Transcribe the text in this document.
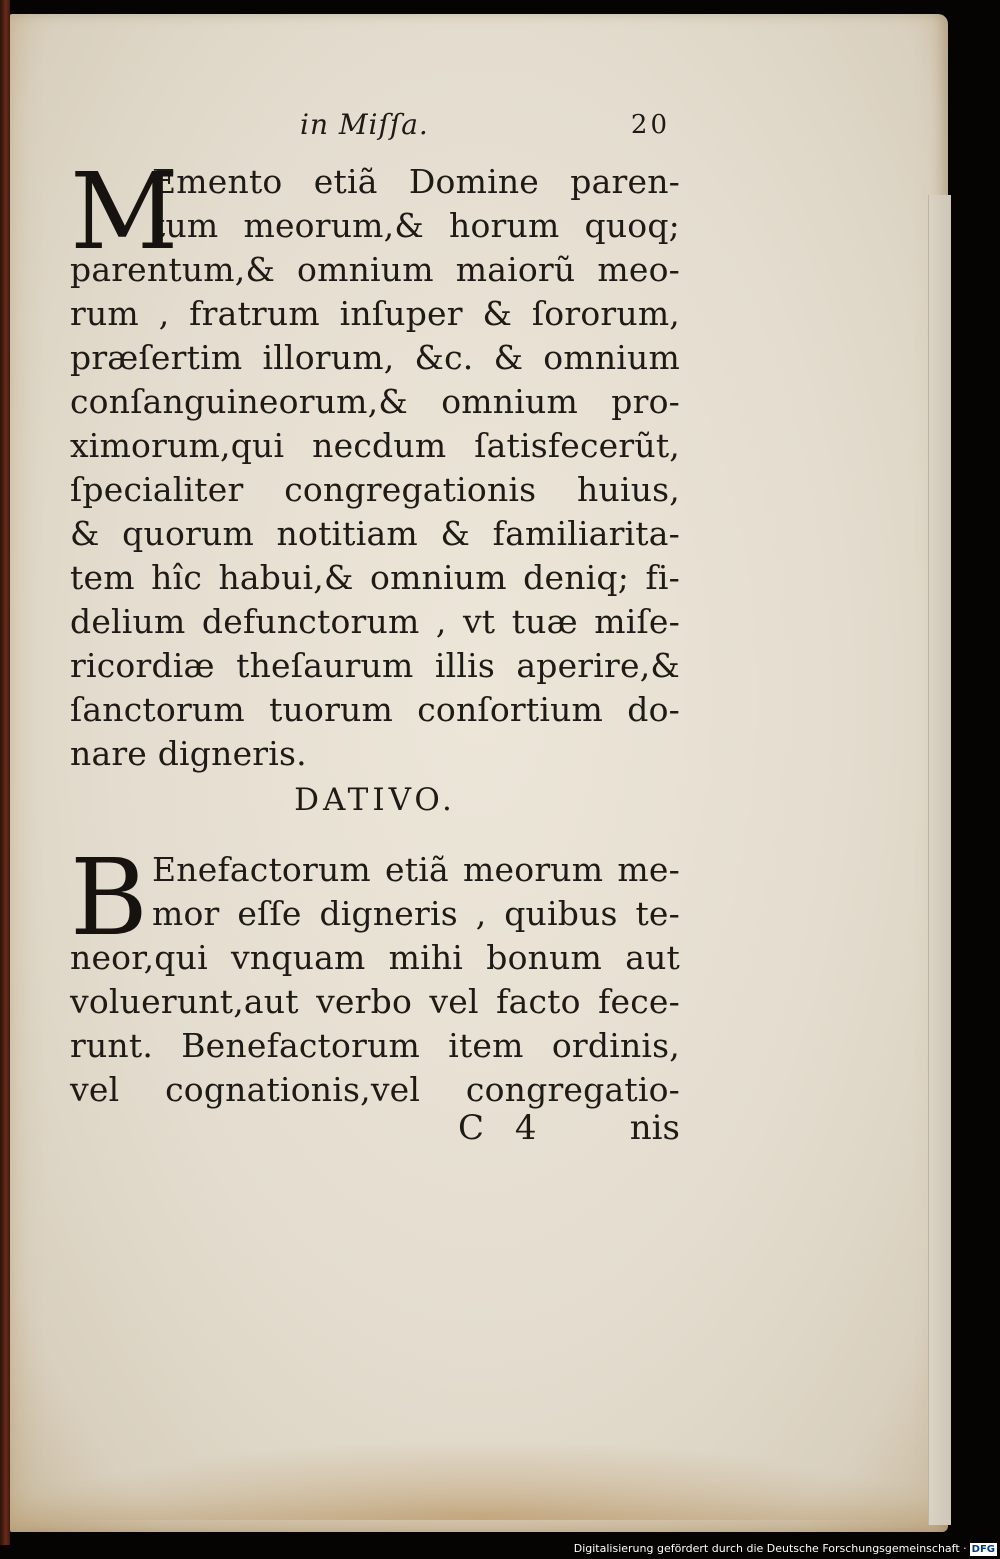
in Miſſa.	20
M
Emento etiã Domine paren-
tum meorum,& horum quoq;
parentum,& omnium maiorũ meo-
rum , fratrum inſuper & ſororum,
præſertim illorum, &c. & omnium
conſanguineorum,& omnium pro-
ximorum,qui necdum ſatisfecerũt,
ſpecialiter congregationis huius,
& quorum notitiam & familiarita-
tem hîc habui,& omnium deniq; fi-
delium defunctorum , vt tuæ miſe-
ricordiæ theſaurum illis aperire,&
ſanctorum tuorum conſortium do-
nare digneris.
DATIVO.
B Enefactorum etiã meorum me-
mor eſſe digneris , quibus te-
neor,qui vnquam mihi bonum aut
voluerunt,aut verbo vel facto fece-
runt. Benefactorum item ordinis,
vel cognationis,vel congregatio-
C 4 nis
Digitalisierung gefördert durch die Deutsche Forschungsgemeinschaft · DFG
